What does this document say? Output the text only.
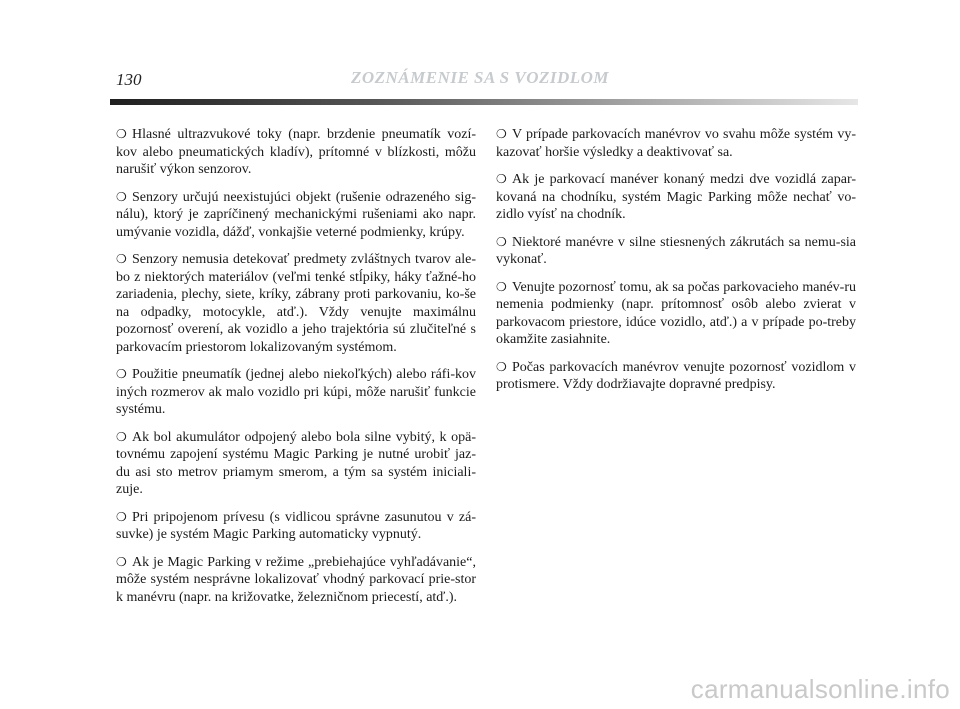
130	ZOZNÁMENIE SA S VOZIDLOM

❍ Hlasné ultrazvukové toky (napr. brzdenie pneumatík vozí-kov alebo pneumatických kladív), prítomné v blízkosti, môžu narušiť výkon senzorov.

❍ Senzory určujú neexistujúci objekt (rušenie odrazeného sig-nálu), ktorý je zapríčinený mechanickými rušeniami ako napr. umývanie vozidla, dážď, vonkajšie veterné podmienky, krúpy.

❍ Senzory nemusia detekovať predmety zvláštnych tvarov ale-bo z niektorých materiálov (veľmi tenké stĺpiky, háky ťažné-ho zariadenia, plechy, siete, kríky, zábrany proti parkovaniu, ko-še na odpadky, motocykle, atď.). Vždy venujte maximálnu pozornosť overení, ak vozidlo a jeho trajektória sú zlučiteľné s parkovacím priestorom lokalizovaným systémom.

❍ Použitie pneumatík (jednej alebo niekoľkých) alebo ráfi-kov iných rozmerov ak malo vozidlo pri kúpi, môže narušiť funkcie systému.

❍ Ak bol akumulátor odpojený alebo bola silne vybitý, k opä-tovnému zapojení systému Magic Parking je nutné urobiť jaz-du asi sto metrov priamym smerom, a tým sa systém iniciali-zuje.

❍ Pri pripojenom prívesu (s vidlicou správne zasunutou v zá-suvke) je systém Magic Parking automaticky vypnutý.

❍ Ak je Magic Parking v režime „prebiehajúce vyhľadávanie“, môže systém nesprávne lokalizovať vhodný parkovací prie-stor k manévru (napr. na križovatke, železničnom priecestí, atď.).

❍ V prípade parkovacích manévrov vo svahu môže systém vy-kazovať horšie výsledky a deaktivovať sa.

❍ Ak je parkovací manéver konaný medzi dve vozidlá zapar-kovaná na chodníku, systém Magic Parking môže nechať vo-zidlo vyísť na chodník.

❍ Niektoré manévre v silne stiesnených zákrutách sa nemu-sia vykonať.

❍ Venujte pozornosť tomu, ak sa počas parkovacieho manév-ru nemenia podmienky (napr. prítomnosť osôb alebo zvierat v parkovacom priestore, idúce vozidlo, atď.) a v prípade po-treby okamžite zasiahnite.

❍ Počas parkovacích manévrov venujte pozornosť vozidlom v protismere. Vždy dodržiavajte dopravné predpisy.

carmanualsonline.info
